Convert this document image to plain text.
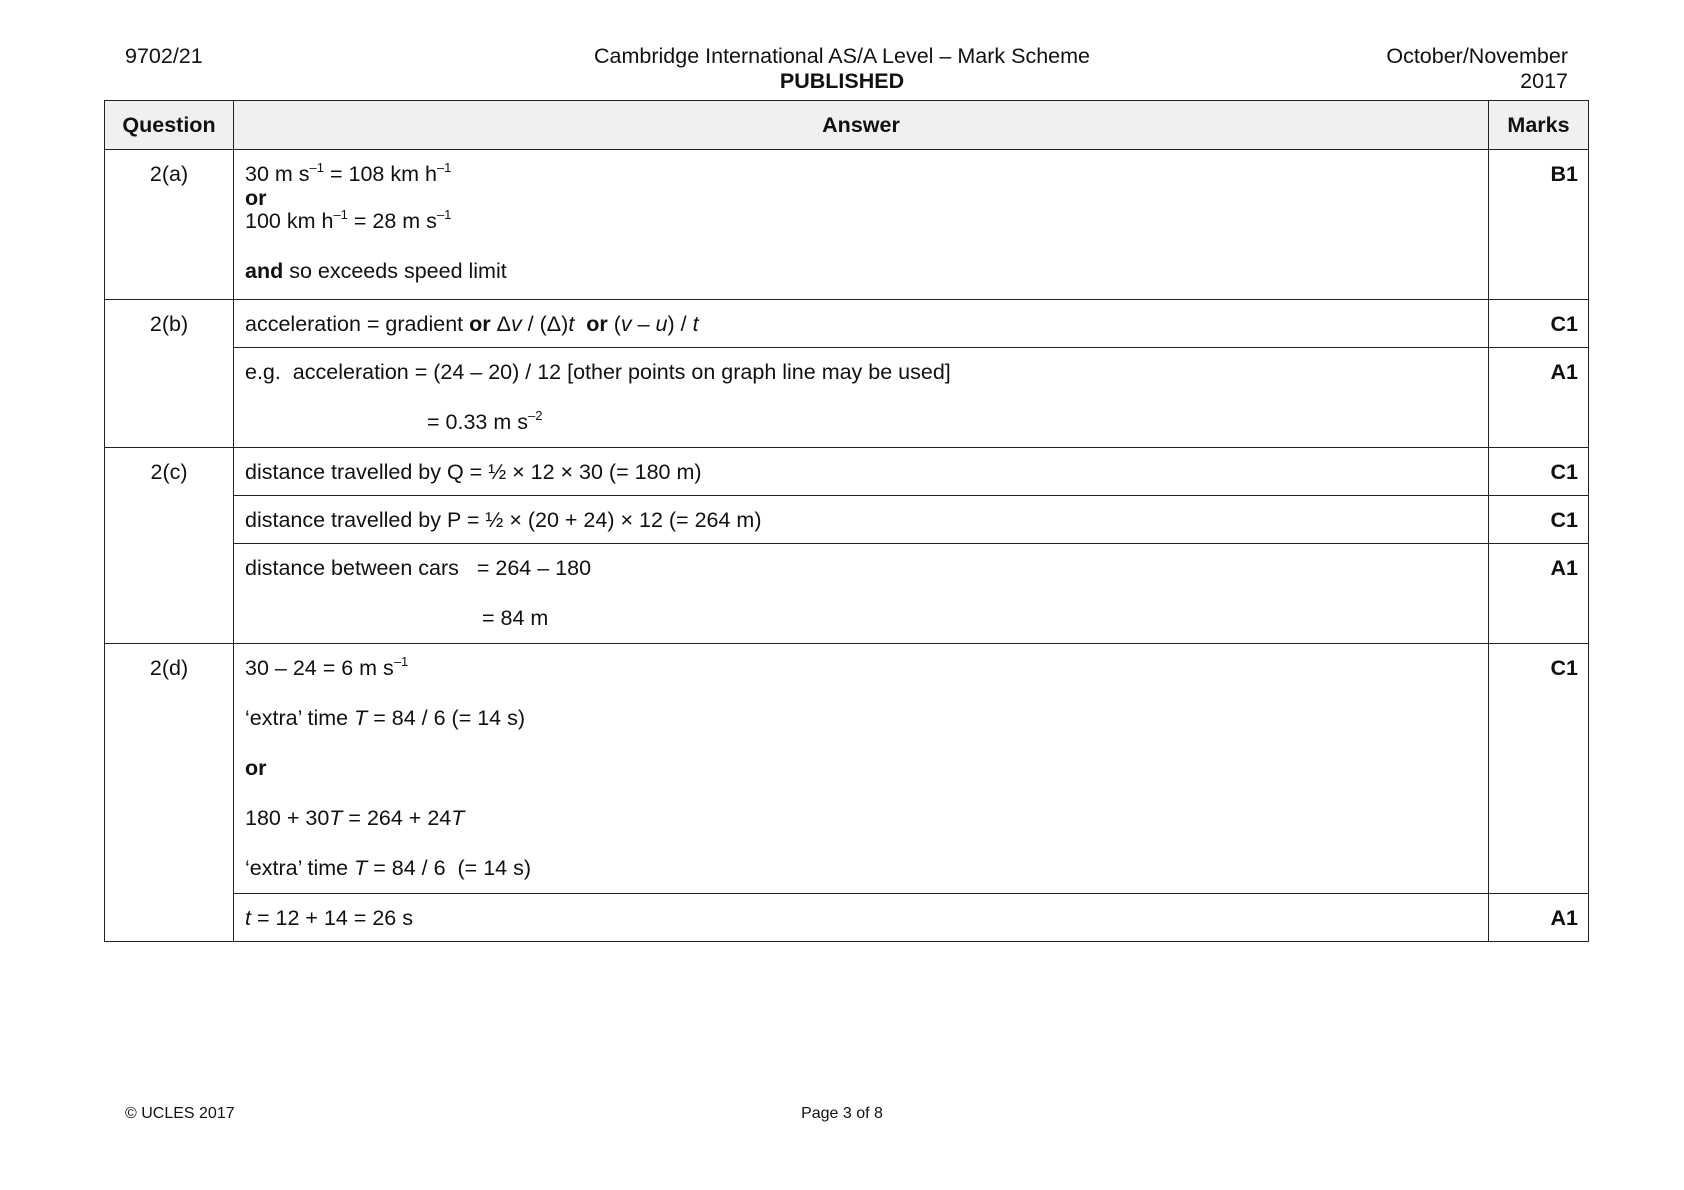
9702/21	Cambridge International AS/A Level – Mark Scheme
PUBLISHED
October/November
2017
Question	Answer	Marks
2(a)	30 m $s^{-1} = 108$ km $h^{-1}$
or
100 km $h^{-1} = 28$ m $s^{-1}$
and so exceeds speed limit	B1
2(b)	acceleration = gradient or Δv / (Δ)t or (v – u) / t	C1

	e.g.  acceleration = (24 – 20) / 12 [other points on graph line may be used]
= 0.33 m $s^{-2}$	A1
2(c)	distance travelled by Q = ½ × 12 × 30 (= 180 m)	C1

	distance travelled by P = ½ × (20 + 24) × 12 (= 264 m)	C1

	distance between cars   = 264 – 180
= 84 m	A1
2(d)	30 – 24 = 6 m $s^{-1}$
‘extra’ time T = 84 / 6 (= 14 s)
or
180 + 30T = 264 + 24T
‘extra’ time T = 84 / 6  (= 14 s)	C1

	t = 12 + 14 = 26 s	A1
© UCLES 2017	Page 3 of 8
